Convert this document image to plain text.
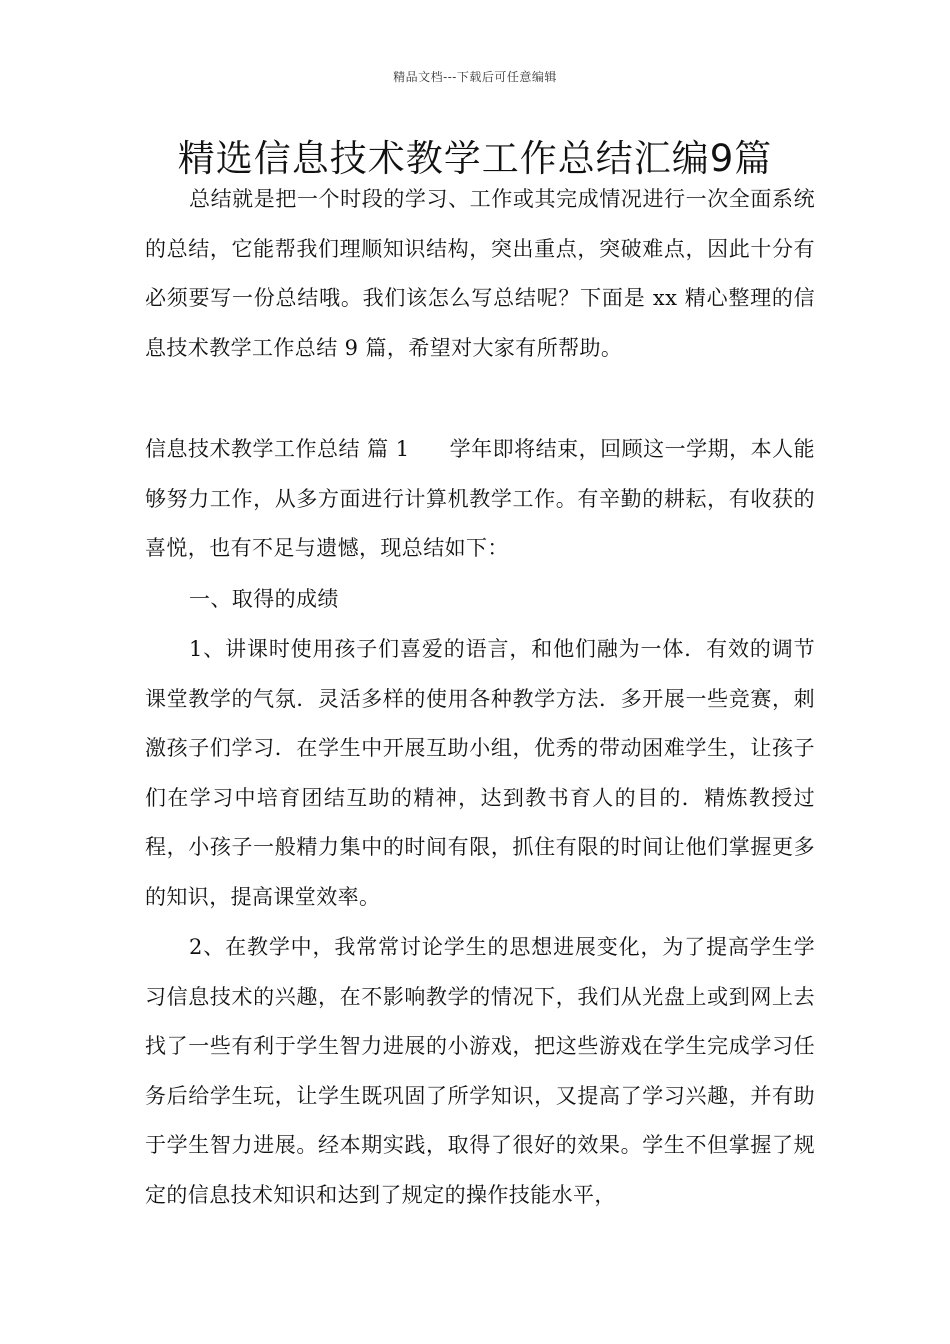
精品文档---下载后可任意编辑
精选信息技术教学工作总结汇编9篇

总结就是把一个时段的学习、工作或其完成情况进行一次全面系统的总结，它能帮我们理顺知识结构，突出重点，突破难点，因此十分有必须要写一份总结哦。我们该怎么写总结呢？下面是 xx 精心整理的信息技术教学工作总结 9 篇，希望对大家有所帮助。

信息技术教学工作总结 篇 1 学年即将结束，回顾这一学期，本人能够努力工作，从多方面进行计算机教学工作。有辛勤的耕耘，有收获的喜悦，也有不足与遗憾，现总结如下：

一、取得的成绩

1、讲课时使用孩子们喜爱的语言，和他们融为一体．有效的调节课堂教学的气氛．灵活多样的使用各种教学方法．多开展一些竞赛，刺激孩子们学习．在学生中开展互助小组，优秀的带动困难学生，让孩子们在学习中培育团结互助的精神，达到教书育人的目的．精炼教授过程，小孩子一般精力集中的时间有限，抓住有限的时间让他们掌握更多的知识，提高课堂效率。

2、在教学中，我常常讨论学生的思想进展变化，为了提高学生学习信息技术的兴趣，在不影响教学的情况下，我们从光盘上或到网上去找了一些有利于学生智力进展的小游戏，把这些游戏在学生完成学习任务后给学生玩，让学生既巩固了所学知识，又提高了学习兴趣，并有助于学生智力进展。经本期实践，取得了很好的效果。学生不但掌握了规定的信息技术知识和达到了规定的操作技能水平，
